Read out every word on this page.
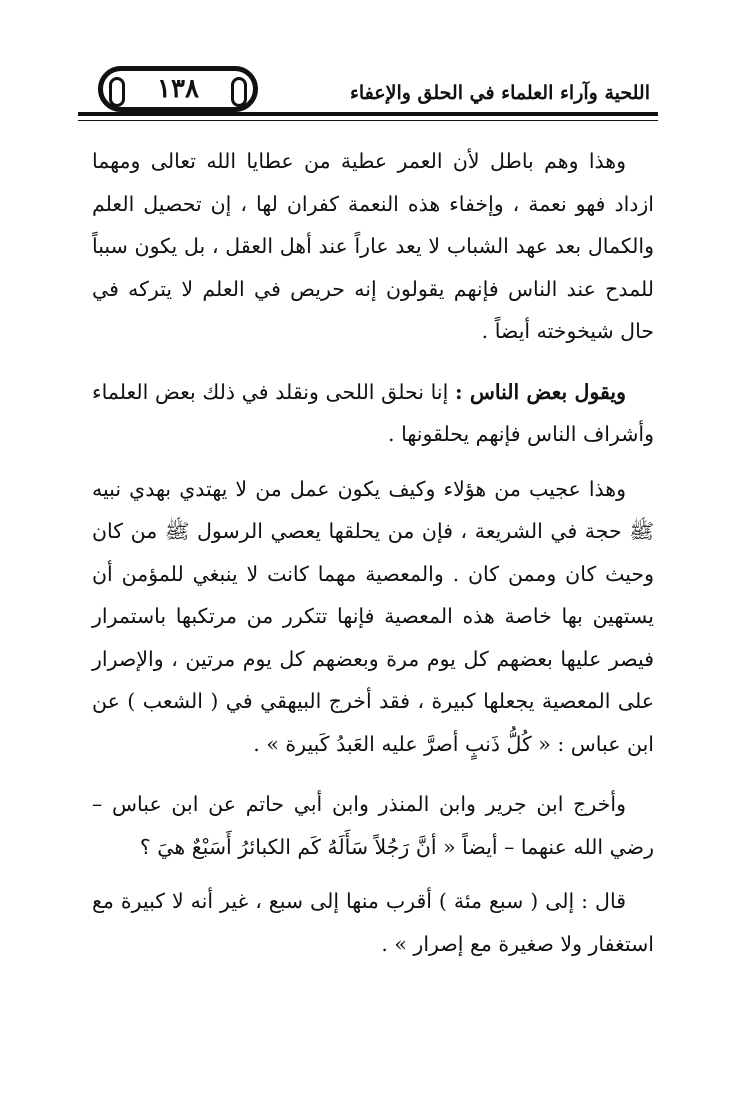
١٣٨	اللحية وآراء العلماء في الحلق والإعفاء

وهذا وهم باطل لأن العمر عطية من عطايا الله تعالى ومهما ازداد فهو نعمة ، وإخفاء هذه النعمة كفران لها ، إن تحصيل العلم والكمال بعد عهد الشباب لا يعد عاراً عند أهل العقل ، بل يكون سبباً للمدح عند الناس فإنهم يقولون إنه حريص في العلم لا يتركه في حال شيخوخته أيضاً .

ويقول بعض الناس : إنا نحلق اللحى ونقلد في ذلك بعض العلماء وأشراف الناس فإنهم يحلقونها .

وهذا عجيب من هؤلاء وكيف يكون عمل من لا يهتدي بهدي نبيه ﷺ حجة في الشريعة ، فإن من يحلقها يعصي الرسول ﷺ من كان وحيث كان وممن كان . والمعصية مهما كانت لا ينبغي للمؤمن أن يستهين بها خاصة هذه المعصية فإنها تتكرر من مرتكبها باستمرار فيصر عليها بعضهم كل يوم مرة وبعضهم كل يوم مرتين ، والإصرار على المعصية يجعلها كبيرة ، فقد أخرج البيهقي في ( الشعب ) عن ابن عباس : « كُلُّ ذَنبٍ أصرَّ عليه العَبدُ كَبيرة » .

وأخرج ابن جرير وابن المنذر وابن أبي حاتم عن ابن عباس – رضي الله عنهما – أيضاً « أنَّ رَجُلاً سَأَلَهُ كَم الكبائرُ أَسَبْعٌ هيَ ؟

قال : إلى ( سبع مئة ) أقرب منها إلى سبع ، غير أنه لا كبيرة مع استغفار ولا صغيرة مع إصرار » .
